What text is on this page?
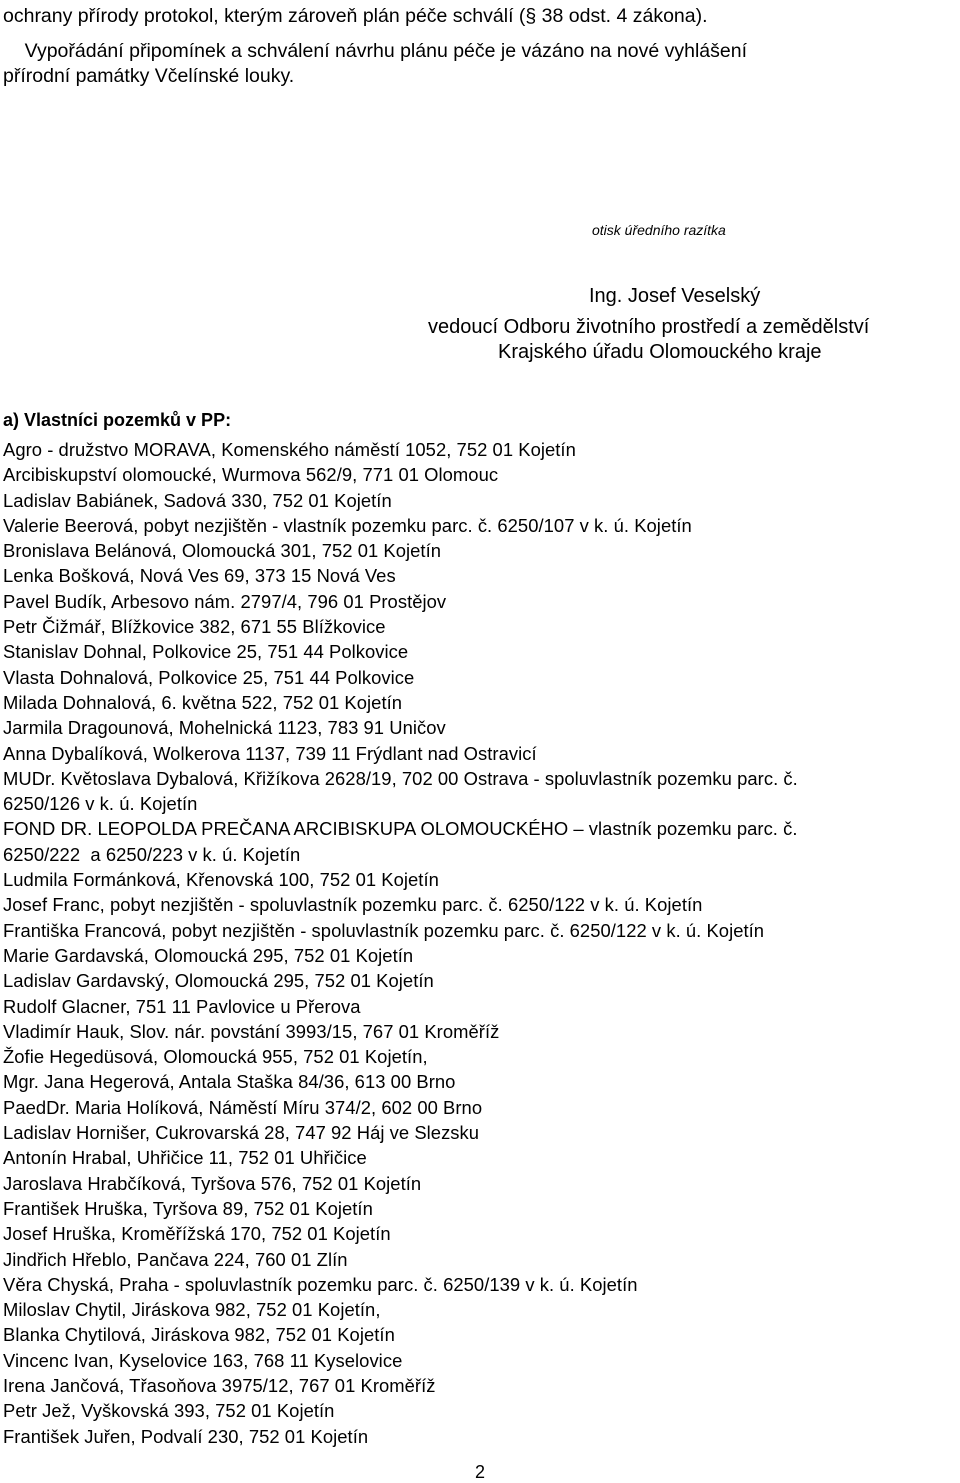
ochrany přírody protokol, kterým zároveň plán péče schválí (§ 38 odst. 4 zákona).
Vypořádání připomínek a schválení návrhu plánu péče je vázáno na nové vyhlášení
přírodní památky Včelínské louky.
otisk úředního razítka
Ing. Josef Veselský
vedoucí Odboru životního prostředí a zemědělství
Krajského úřadu Olomouckého kraje
a) Vlastníci pozemků v PP:
Agro - družstvo MORAVA, Komenského náměstí 1052, 752 01 Kojetín
Arcibiskupství olomoucké, Wurmova 562/9, 771 01 Olomouc
Ladislav Babiánek, Sadová 330, 752 01 Kojetín
Valerie Beerová, pobyt nezjištěn - vlastník pozemku parc. č. 6250/107 v k. ú. Kojetín
Bronislava Belánová, Olomoucká 301, 752 01 Kojetín
Lenka Bošková, Nová Ves 69, 373 15 Nová Ves
Pavel Budík, Arbesovo nám. 2797/4, 796 01 Prostějov
Petr Čižmář, Blížkovice 382, 671 55 Blížkovice
Stanislav Dohnal, Polkovice 25, 751 44 Polkovice
Vlasta Dohnalová, Polkovice 25, 751 44 Polkovice
Milada Dohnalová, 6. května 522, 752 01 Kojetín
Jarmila Dragounová, Mohelnická 1123, 783 91 Uničov
Anna Dybalíková, Wolkerova 1137, 739 11 Frýdlant nad Ostravicí
MUDr. Květoslava Dybalová, Křižíkova 2628/19, 702 00 Ostrava - spoluvlastník pozemku parc. č.
6250/126 v k. ú. Kojetín
FOND DR. LEOPOLDA PREČANA ARCIBISKUPA OLOMOUCKÉHO – vlastník pozemku parc. č.
6250/222  a 6250/223 v k. ú. Kojetín
Ludmila Formánková, Křenovská 100, 752 01 Kojetín
Josef Franc, pobyt nezjištěn - spoluvlastník pozemku parc. č. 6250/122 v k. ú. Kojetín
Františka Francová, pobyt nezjištěn - spoluvlastník pozemku parc. č. 6250/122 v k. ú. Kojetín
Marie Gardavská, Olomoucká 295, 752 01 Kojetín
Ladislav Gardavský, Olomoucká 295, 752 01 Kojetín
Rudolf Glacner, 751 11 Pavlovice u Přerova
Vladimír Hauk, Slov. nár. povstání 3993/15, 767 01 Kroměříž
Žofie Hegedüsová, Olomoucká 955, 752 01 Kojetín,
Mgr. Jana Hegerová, Antala Staška 84/36, 613 00 Brno
PaedDr. Maria Holíková, Náměstí Míru 374/2, 602 00 Brno
Ladislav Hornišer, Cukrovarská 28, 747 92 Háj ve Slezsku
Antonín Hrabal, Uhřičice 11, 752 01 Uhřičice
Jaroslava Hrabčíková, Tyršova 576, 752 01 Kojetín
František Hruška, Tyršova 89, 752 01 Kojetín
Josef Hruška, Kroměřížská 170, 752 01 Kojetín
Jindřich Hřeblo, Pančava 224, 760 01 Zlín
Věra Chyská, Praha - spoluvlastník pozemku parc. č. 6250/139 v k. ú. Kojetín
Miloslav Chytil, Jiráskova 982, 752 01 Kojetín,
Blanka Chytilová, Jiráskova 982, 752 01 Kojetín
Vincenc Ivan, Kyselovice 163, 768 11 Kyselovice
Irena Jančová, Třasoňova 3975/12, 767 01 Kroměříž
Petr Jež, Vyškovská 393, 752 01 Kojetín
František Juřen, Podvalí 230, 752 01 Kojetín
2
